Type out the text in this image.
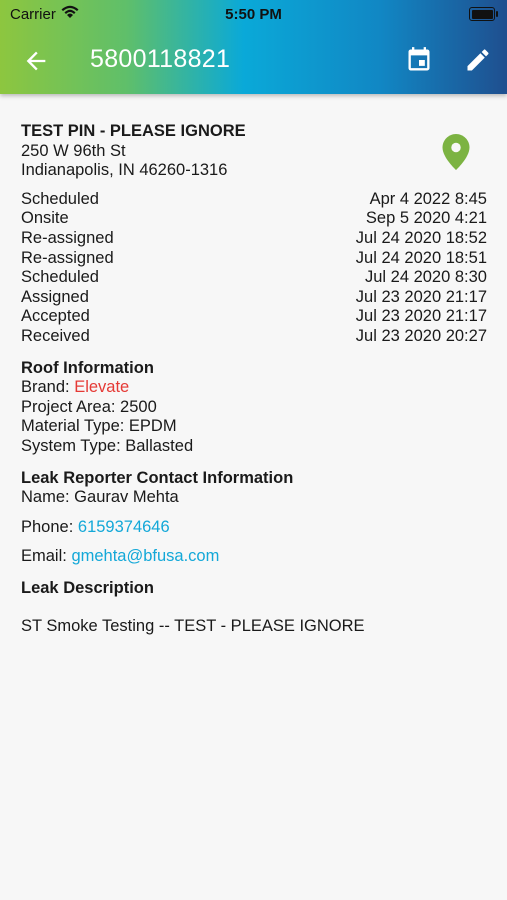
Carrier	5:50 PM
5800118821
TEST PIN - PLEASE IGNORE
250 W 96th St
Indianapolis, IN 46260-1316
Scheduled	Apr 4 2022 8:45
Onsite	Sep 5 2020 4:21
Re-assigned	Jul 24 2020 18:52
Re-assigned	Jul 24 2020 18:51
Scheduled	Jul 24 2020 8:30
Assigned	Jul 23 2020 21:17
Accepted	Jul 23 2020 21:17
Received	Jul 23 2020 20:27
Roof Information
Brand: Elevate
Project Area: 2500
Material Type: EPDM
System Type: Ballasted
Leak Reporter Contact Information
Name: Gaurav Mehta
Phone: 6159374646
Email: gmehta@bfusa.com
Leak Description
ST Smoke Testing -- TEST - PLEASE IGNORE
